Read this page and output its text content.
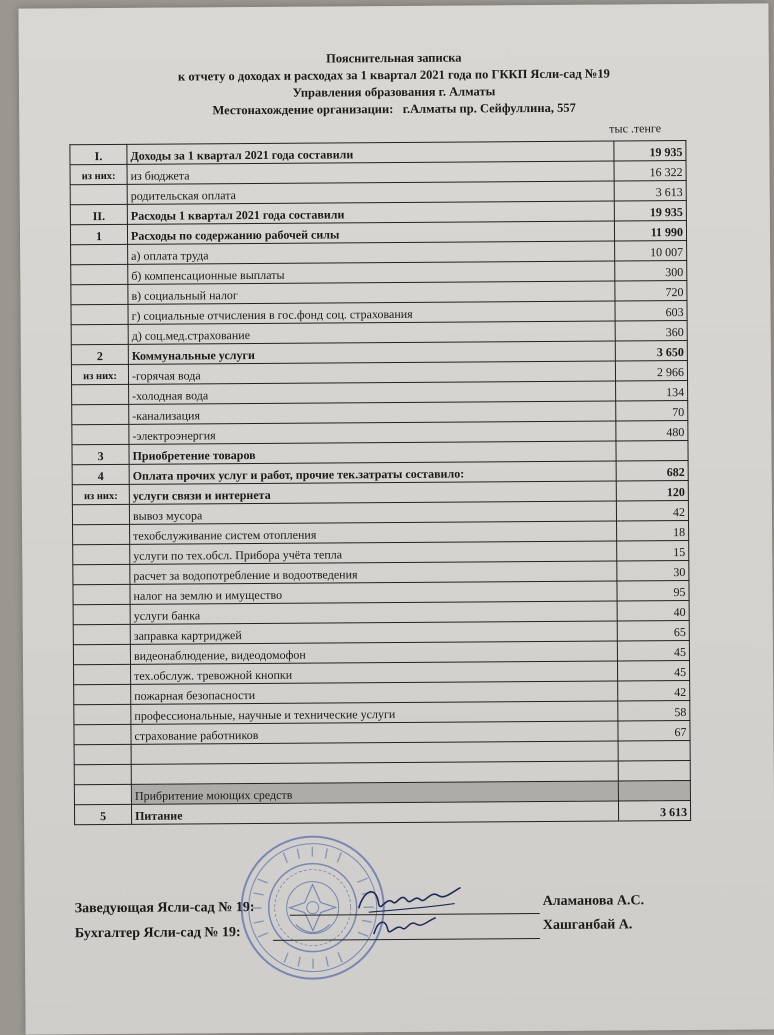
Пояснительная записка
к отчету о доходах и расходах за 1 квартал 2021 года по ГККП Ясли-сад №19
Управления образования г. Алматы
Местонахождение организации:   г.Алматы пр. Сейфуллина, 557
тыс .тенге
I.	Доходы за 1 квартал 2021 года составили	19 935
из них:	из бюджета	16 322
	родительская оплата	3 613
II.	Расходы 1 квартал 2021 года составили	19 935
1	Расходы по содержанию рабочей силы	11 990
	а) оплата труда	10 007
	б) компенсационные выплаты	300
	в) социальный налог	720
	г) социальные отчисления в гос.фонд соц. страхования	603
	д) соц.мед.страхование	360
2	Коммунальные услуги	3 650
из них:	-горячая вода	2 966
	-холодная вода	134
	-канализация	70
	-электроэнергия	480
3	Приобретение товаров	
4	Оплата прочих услуг и работ, прочие тек.затраты составило:	682
из них:	услуги связи и интернета	120
	вывоз мусора	42
	техобслуживание систем отопления	18
	услуги по тех.обсл. Прибора учёта тепла	15
	расчет за водопотребление и водоотведения	30
	налог на землю и имущество	95
	услуги банка	40
	заправка картриджей	65
	видеонаблюдение, видеодомофон	45
	тех.обслуж. тревожной кнопки	45
	пожарная безопасности	42
	профессиональные, научные и технические услуги	58
	страхование работников	67

	Прибритение моющих средств	
5	Питание	3 613
Заведующая Ясли-сад № 19:	Аламанова А.С.
Бухгалтер Ясли-сад № 19:	Хашганбай А.
